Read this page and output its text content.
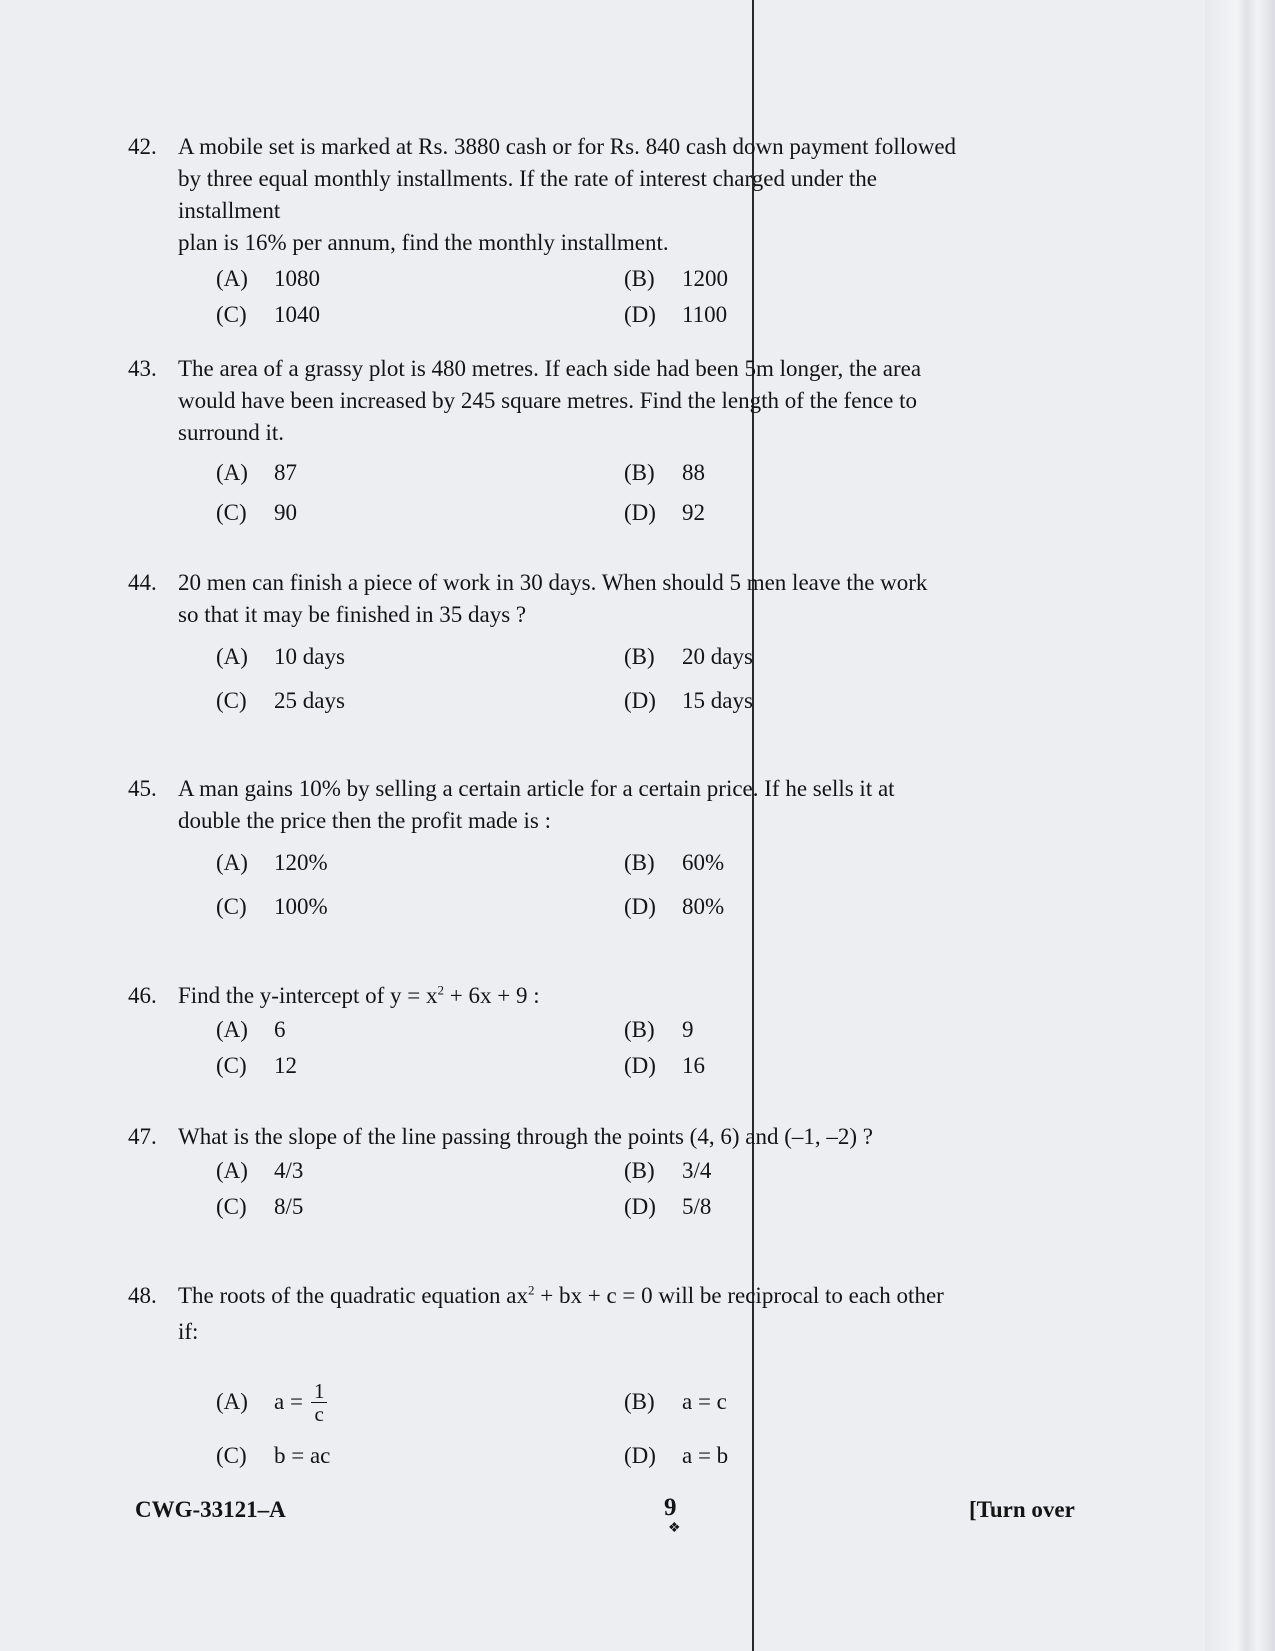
42. A mobile set is marked at Rs. 3880 cash or for Rs. 840 cash down payment followed
by three equal monthly installments. If the rate of interest charged under the installment
plan is 16% per annum, find the monthly installment.
(A)	1080	(B)	1200
(C)	1040	(D)	1100
43. The area of a grassy plot is 480 metres. If each side had been 5m longer, the area
would have been increased by 245 square metres. Find the length of the fence to
surround it.
(A)	87	(B)	88
(C)	90	(D)	92
44. 20 men can finish a piece of work in 30 days. When should 5 men leave the work
so that it may be finished in 35 days ?
(A)	10 days	(B)	20 days
(C)	25 days	(D)	15 days
45. A man gains 10% by selling a certain article for a certain price. If he sells it at
double the price then the profit made is :
(A)	120%	(B)	60%
(C)	100%	(D)	80%
46. Find the y-intercept of $y = x^2 + 6x + 9$ :
(A)	6	(B)	9
(C)	12	(D)	16
47. What is the slope of the line passing through the points (4, 6) and (–1, –2) ?
(A)	4/3	(B)	3/4
(C)	8/5	(D)	5/8
48. The roots of the quadratic equation $ax^2$ + bx + c = 0 will be reciprocal to each other
if:
(A)	$a = \frac{1}{c}$	(B)	a = c
(C)	b = ac	(D)	a = b
CWG-33121–A	9
❖
[Turn over
